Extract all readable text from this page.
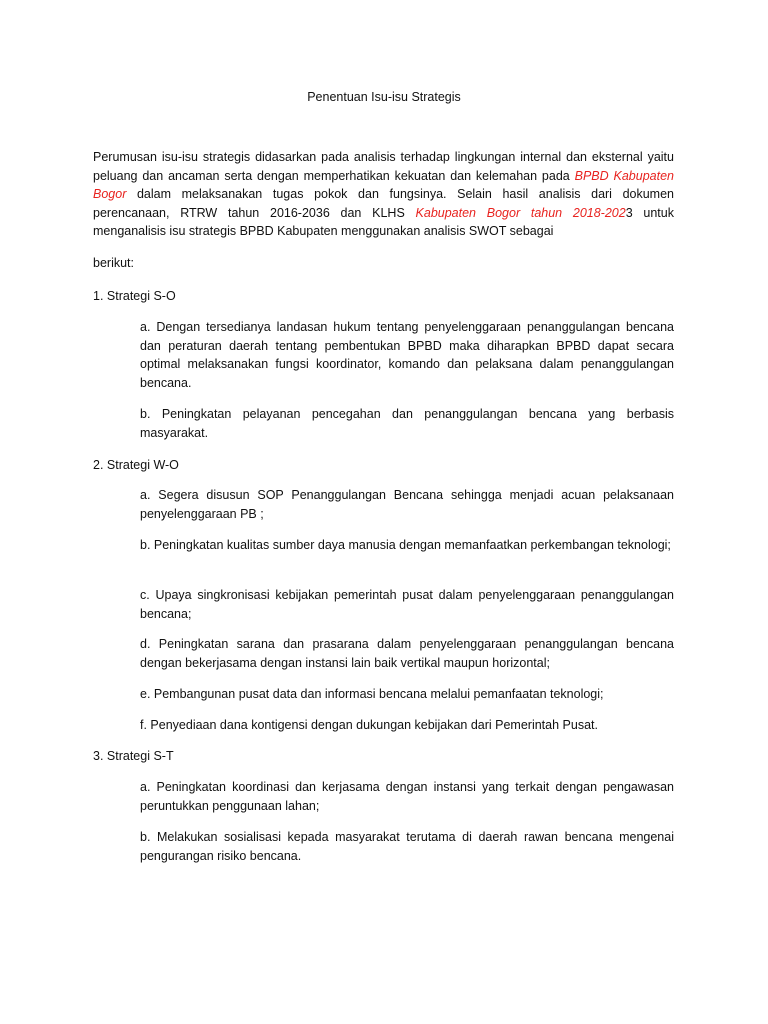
Penentuan Isu-isu Strategis
Perumusan isu-isu strategis didasarkan pada analisis terhadap lingkungan internal dan eksternal yaitu peluang dan ancaman serta dengan memperhatikan kekuatan dan kelemahan pada BPBD Kabupaten Bogor dalam melaksanakan tugas pokok dan fungsinya. Selain hasil analisis dari dokumen perencanaan, RTRW tahun 2016-2036 dan KLHS Kabupaten Bogor tahun 2018-2023 untuk menganalisis isu strategis BPBD Kabupaten menggunakan analisis SWOT sebagai
berikut:
1. Strategi S-O
a. Dengan tersedianya landasan hukum tentang penyelenggaraan penanggulangan bencana dan peraturan daerah tentang pembentukan BPBD maka diharapkan BPBD dapat secara optimal melaksanakan fungsi koordinator, komando dan pelaksana dalam penanggulangan bencana.
b. Peningkatan pelayanan pencegahan dan penanggulangan bencana yang berbasis masyarakat.
2. Strategi W-O
a. Segera disusun SOP Penanggulangan Bencana sehingga menjadi acuan pelaksanaan penyelenggaraan PB ;
b. Peningkatan kualitas sumber daya manusia dengan memanfaatkan perkembangan teknologi;
c. Upaya singkronisasi kebijakan pemerintah pusat dalam penyelenggaraan penanggulangan bencana;
d. Peningkatan sarana dan prasarana dalam penyelenggaraan penanggulangan bencana dengan bekerjasama dengan instansi lain baik vertikal maupun horizontal;
e. Pembangunan pusat data dan informasi bencana melalui pemanfaatan teknologi;
f. Penyediaan dana kontigensi dengan dukungan kebijakan dari Pemerintah Pusat.
3. Strategi S-T
a. Peningkatan koordinasi dan kerjasama dengan instansi yang terkait dengan pengawasan peruntukkan penggunaan lahan;
b. Melakukan sosialisasi kepada masyarakat terutama di daerah rawan bencana mengenai pengurangan risiko bencana.
